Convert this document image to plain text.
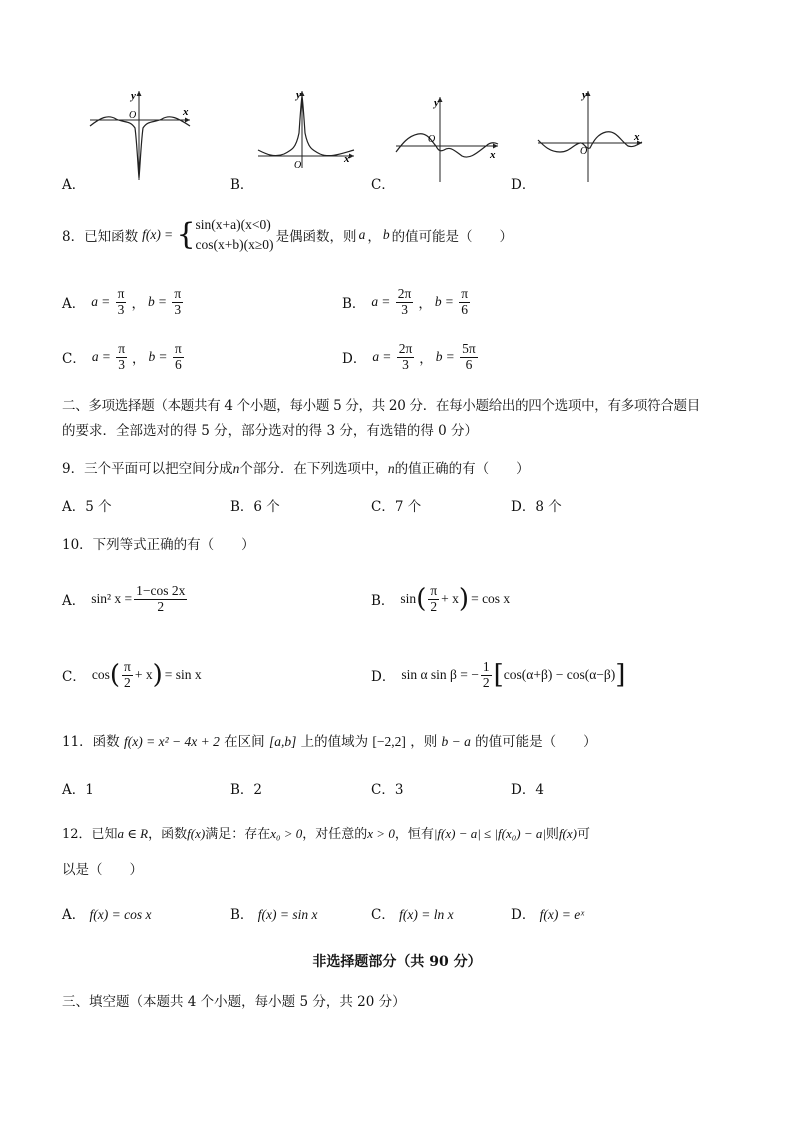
y
x
O
A．
y
x
O
B．
y
x
O
C．
y
x
O
D．
8． 已知函数 f(x) = { sin(x+a)(x<0)
cos(x+b)(x≥0) 是偶函数，则 a ， b 的值可能是（　　）
A． $a = \frac{\pi}{3}$ ， $b = \frac{\pi}{3}$	B． $a = \frac{2\pi}{3}$ ， $b = \frac{\pi}{6}$
C． $a = \frac{\pi}{3}$ ， $b = \frac{\pi}{6}$	D． $a = \frac{2\pi}{3}$ ， $b = \frac{5\pi}{6}$
二、多项选择题（本题共有 4 个小题，每小题 5 分，共 20 分．在每小题给出的四个选项中，有多项符合题目
的要求．全部选对的得 5 分，部分选对的得 3 分，有选错的得 0 分）
9．三个平面可以把空间分成n个部分．在下列选项中，n的值正确的有（　　）
A．5 个	B．6 个	C．7 个	D．8 个
10．下列等式正确的有（　　）
A． sin² $x = \frac{1-\cos 2x}{2}$	B． sin ( $\frac{\pi}{2} + x$ ) = cos x
C． cos ( $\frac{\pi}{2} + x$ ) = sin x	D． sin α sin β = − $\frac{1}{2}$ [ cos(α+β) − cos(α−β) ]
11．函数 f(x) = x² − 4x + 2 在区间 [a,b] 上的值域为 [−2,2] ，则 b − a 的值可能是（　　）
A．1	B．2	C．3	D．4
12．已知a ∈ R，函数f(x)满足：存在x₀ > 0，对任意的x > 0，恒有|f(x) − a| ≤ |f(x₀) − a|则f(x)可
以是（　　）
A． f(x) = cos x	B． f(x) = sin x	C． f(x) = ln x	D． f(x) = eˣ
非选择题部分（共 90 分）
三、填空题（本题共 4 个小题，每小题 5 分，共 20 分）
